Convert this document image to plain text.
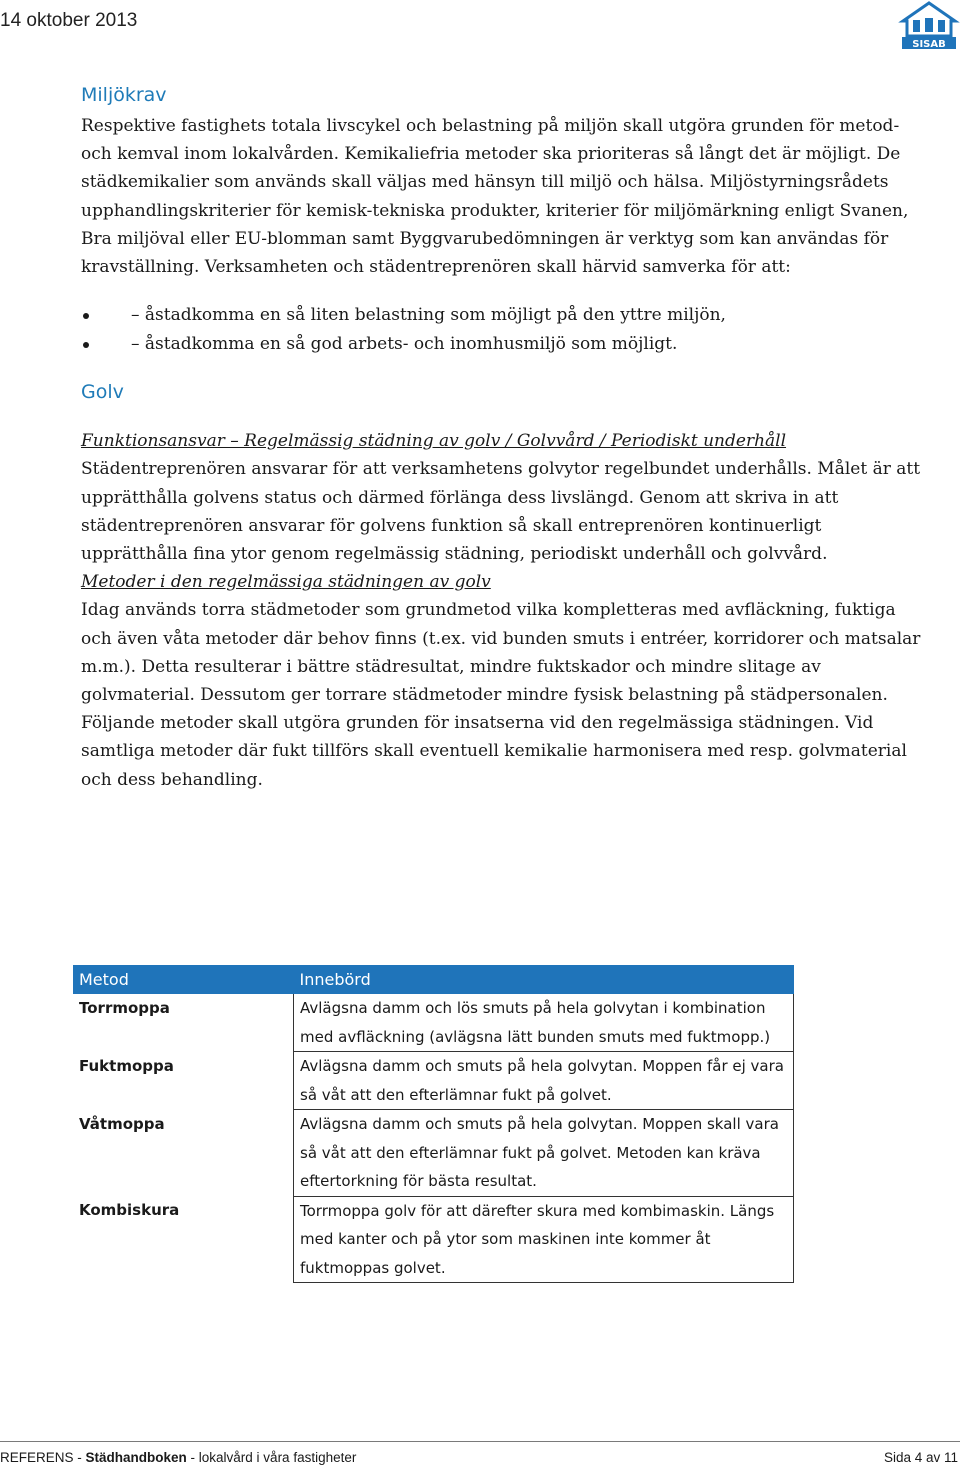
14 oktober 2013
SISAB
Miljökrav

Respektive fastighets totala livscykel och belastning på miljön skall utgöra grunden för metod- och kemval inom lokalvården. Kemikaliefria metoder ska prioriteras så långt det är möjligt. De städkemikalier som används skall väljas med hänsyn till miljö och hälsa. Miljöstyrningsrådets upphandlingskriterier för kemisk-tekniska produkter, kriterier för miljömärkning enligt Svanen, Bra miljöval eller EU-blomman samt Byggvarubedömningen är verktyg som kan användas för kravställning. Verksamheten och städentreprenören skall härvid samverka för att:

– åstadkomma en så liten belastning som möjligt på den yttre miljön,
– åstadkomma en så god arbets- och inomhusmiljö som möjligt.
Golv

Funktionsansvar – Regelmässig städning av golv / Golvvård / Periodiskt underhåll

Städentreprenören ansvarar för att verksamhetens golvytor regelbundet underhålls. Målet är att upprätthålla golvens status och därmed förlänga dess livslängd. Genom att skriva in att städentreprenören ansvarar för golvens funktion så skall entreprenören kontinuerligt upprätthålla fina ytor genom regelmässig städning, periodiskt underhåll och golvvård.

Metoder i den regelmässiga städningen av golv

Idag används torra städmetoder som grundmetod vilka kompletteras med avfläckning, fuktiga och även våta metoder där behov finns (t.ex. vid bunden smuts i entréer, korridorer och matsalar m.m.). Detta resulterar i bättre städresultat, mindre fuktskador och mindre slitage av golvmaterial. Dessutom ger torrare städmetoder mindre fysisk belastning på städpersonalen.

Följande metoder skall utgöra grunden för insatserna vid den regelmässiga städningen. Vid samtliga metoder där fukt tillförs skall eventuell kemikalie harmonisera med resp. golvmaterial och dess behandling.

Metod	Innebörd
Torrmoppa	Avlägsna damm och lös smuts på hela golvytan i kombination med avfläckning (avlägsna lätt bunden smuts med fuktmopp.)
Fuktmoppa	Avlägsna damm och smuts på hela golvytan. Moppen får ej vara så våt att den efterlämnar fukt på golvet.
Våtmoppa	Avlägsna damm och smuts på hela golvytan. Moppen skall vara så våt att den efterlämnar fukt på golvet. Metoden kan kräva eftertorkning för bästa resultat.
Kombiskura	Torrmoppa golv för att därefter skura med kombimaskin. Längs med kanter och på ytor som maskinen inte kommer åt fuktmoppas golvet.
REFERENS - Städhandboken - lokalvård i våra fastigheter	Sida 4 av 11
